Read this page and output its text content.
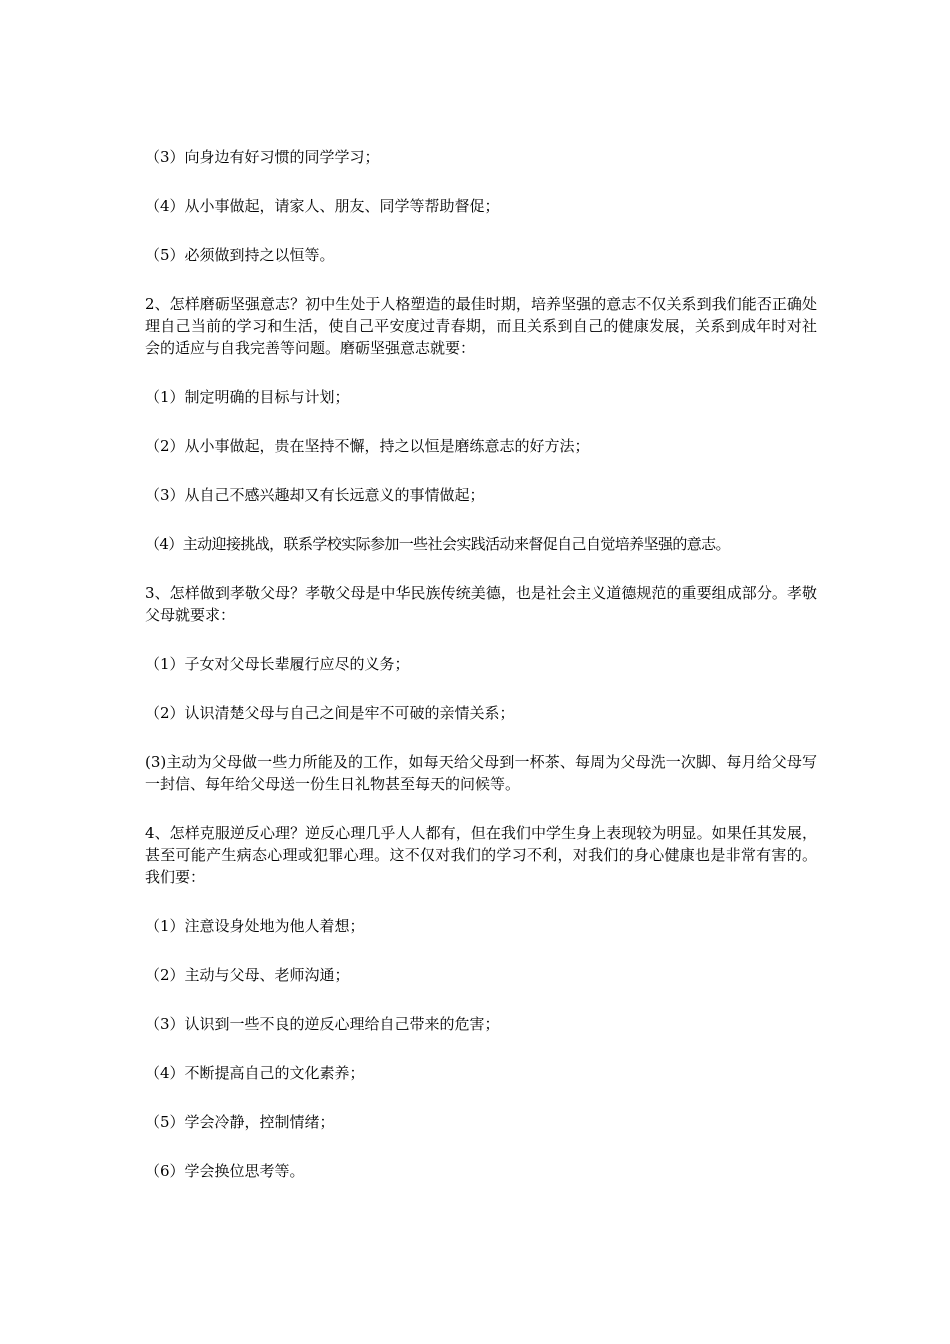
（3）向身边有好习惯的同学学习；

（4）从小事做起，请家人、朋友、同学等帮助督促；

（5）必须做到持之以恒等。

2、怎样磨砺坚强意志？初中生处于人格塑造的最佳时期，培养坚强的意志不仅关系到我们能否正确处理自己当前的学习和生活，使自己平安度过青春期，而且关系到自己的健康发展，关系到成年时对社会的适应与自我完善等问题。磨砺坚强意志就要：

（1）制定明确的目标与计划；

（2）从小事做起，贵在坚持不懈，持之以恒是磨练意志的好方法；

（3）从自己不感兴趣却又有长远意义的事情做起；

（4）主动迎接挑战，联系学校实际参加一些社会实践活动来督促自己自觉培养坚强的意志。

3、怎样做到孝敬父母？孝敬父母是中华民族传统美德，也是社会主义道德规范的重要组成部分。孝敬父母就要求：

（1）子女对父母长辈履行应尽的义务；

（2）认识清楚父母与自己之间是牢不可破的亲情关系；

(3)主动为父母做一些力所能及的工作，如每天给父母到一杯茶、每周为父母洗一次脚、每月给父母写一封信、每年给父母送一份生日礼物甚至每天的问候等。

4、怎样克服逆反心理？逆反心理几乎人人都有，但在我们中学生身上表现较为明显。如果任其发展，甚至可能产生病态心理或犯罪心理。这不仅对我们的学习不利，对我们的身心健康也是非常有害的。我们要：

（1）注意设身处地为他人着想；

（2）主动与父母、老师沟通；

（3）认识到一些不良的逆反心理给自己带来的危害；

（4）不断提高自己的文化素养；

（5）学会冷静，控制情绪；

（6）学会换位思考等。
